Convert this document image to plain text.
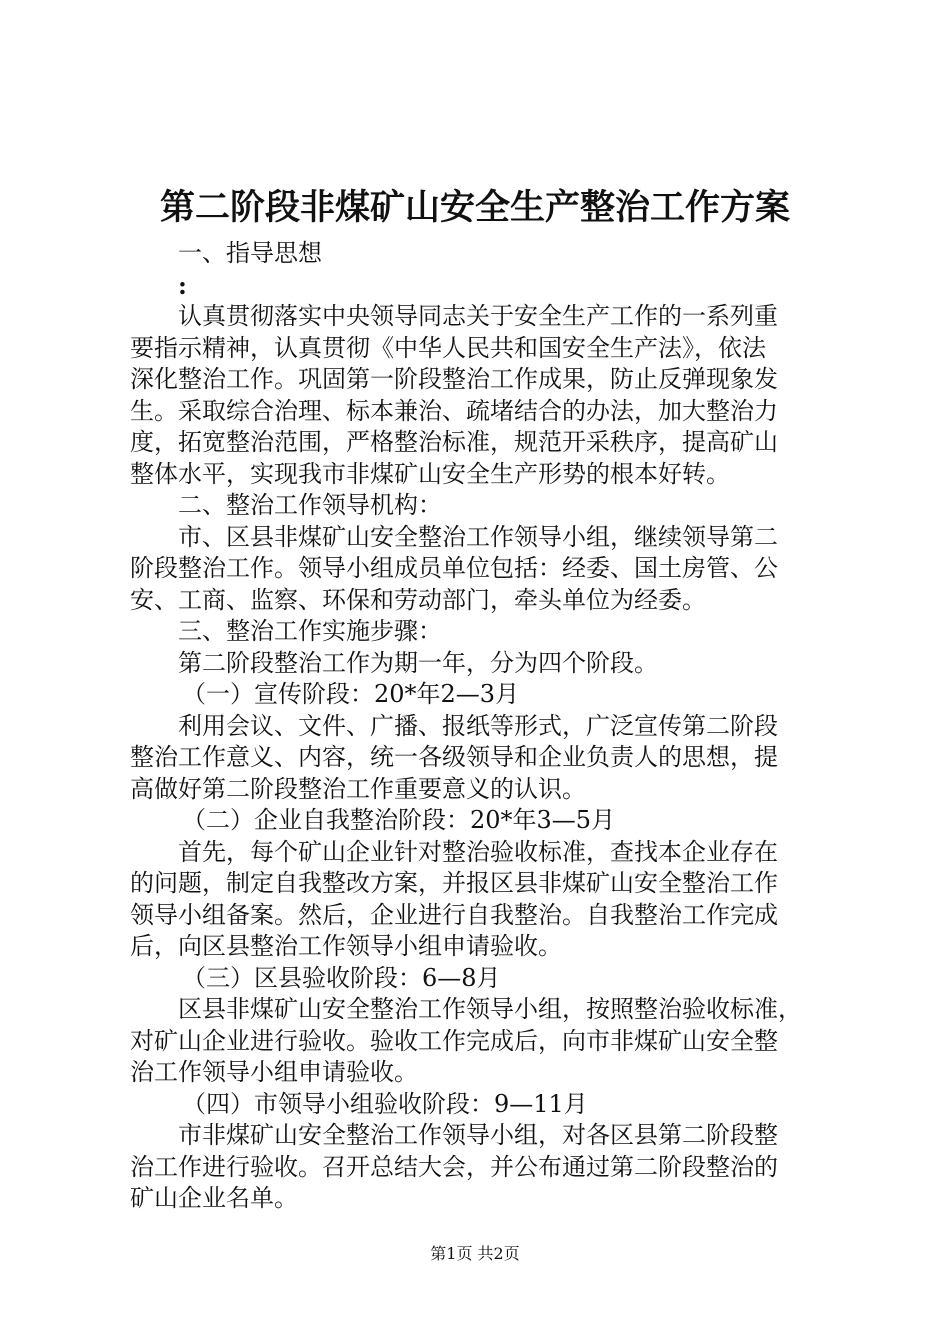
第二阶段非煤矿山安全生产整治工作方案
一、指导思想
:
认真贯彻落实中央领导同志关于安全生产工作的一系列重
要指示精神，认真贯彻《中华人民共和国安全生产法》，依法
深化整治工作。巩固第一阶段整治工作成果，防止反弹现象发
生。采取综合治理、标本兼治、疏堵结合的办法，加大整治力
度，拓宽整治范围，严格整治标准，规范开采秩序，提高矿山
整体水平，实现我市非煤矿山安全生产形势的根本好转。
二、整治工作领导机构：
市、区县非煤矿山安全整治工作领导小组，继续领导第二
阶段整治工作。领导小组成员单位包括：经委、国土房管、公
安、工商、监察、环保和劳动部门，牵头单位为经委。
三、整治工作实施步骤：
第二阶段整治工作为期一年，分为四个阶段。
（一）宣传阶段：20*年2—3月
利用会议、文件、广播、报纸等形式，广泛宣传第二阶段
整治工作意义、内容，统一各级领导和企业负责人的思想，提
高做好第二阶段整治工作重要意义的认识。
（二）企业自我整治阶段：20*年3—5月
首先，每个矿山企业针对整治验收标准，查找本企业存在
的问题，制定自我整改方案，并报区县非煤矿山安全整治工作
领导小组备案。然后，企业进行自我整治。自我整治工作完成
后，向区县整治工作领导小组申请验收。
（三）区县验收阶段：6—8月
区县非煤矿山安全整治工作领导小组，按照整治验收标准，
对矿山企业进行验收。验收工作完成后，向市非煤矿山安全整
治工作领导小组申请验收。
（四）市领导小组验收阶段：9—11月
市非煤矿山安全整治工作领导小组，对各区县第二阶段整
治工作进行验收。召开总结大会，并公布通过第二阶段整治的
矿山企业名单。
第1页 共2页
